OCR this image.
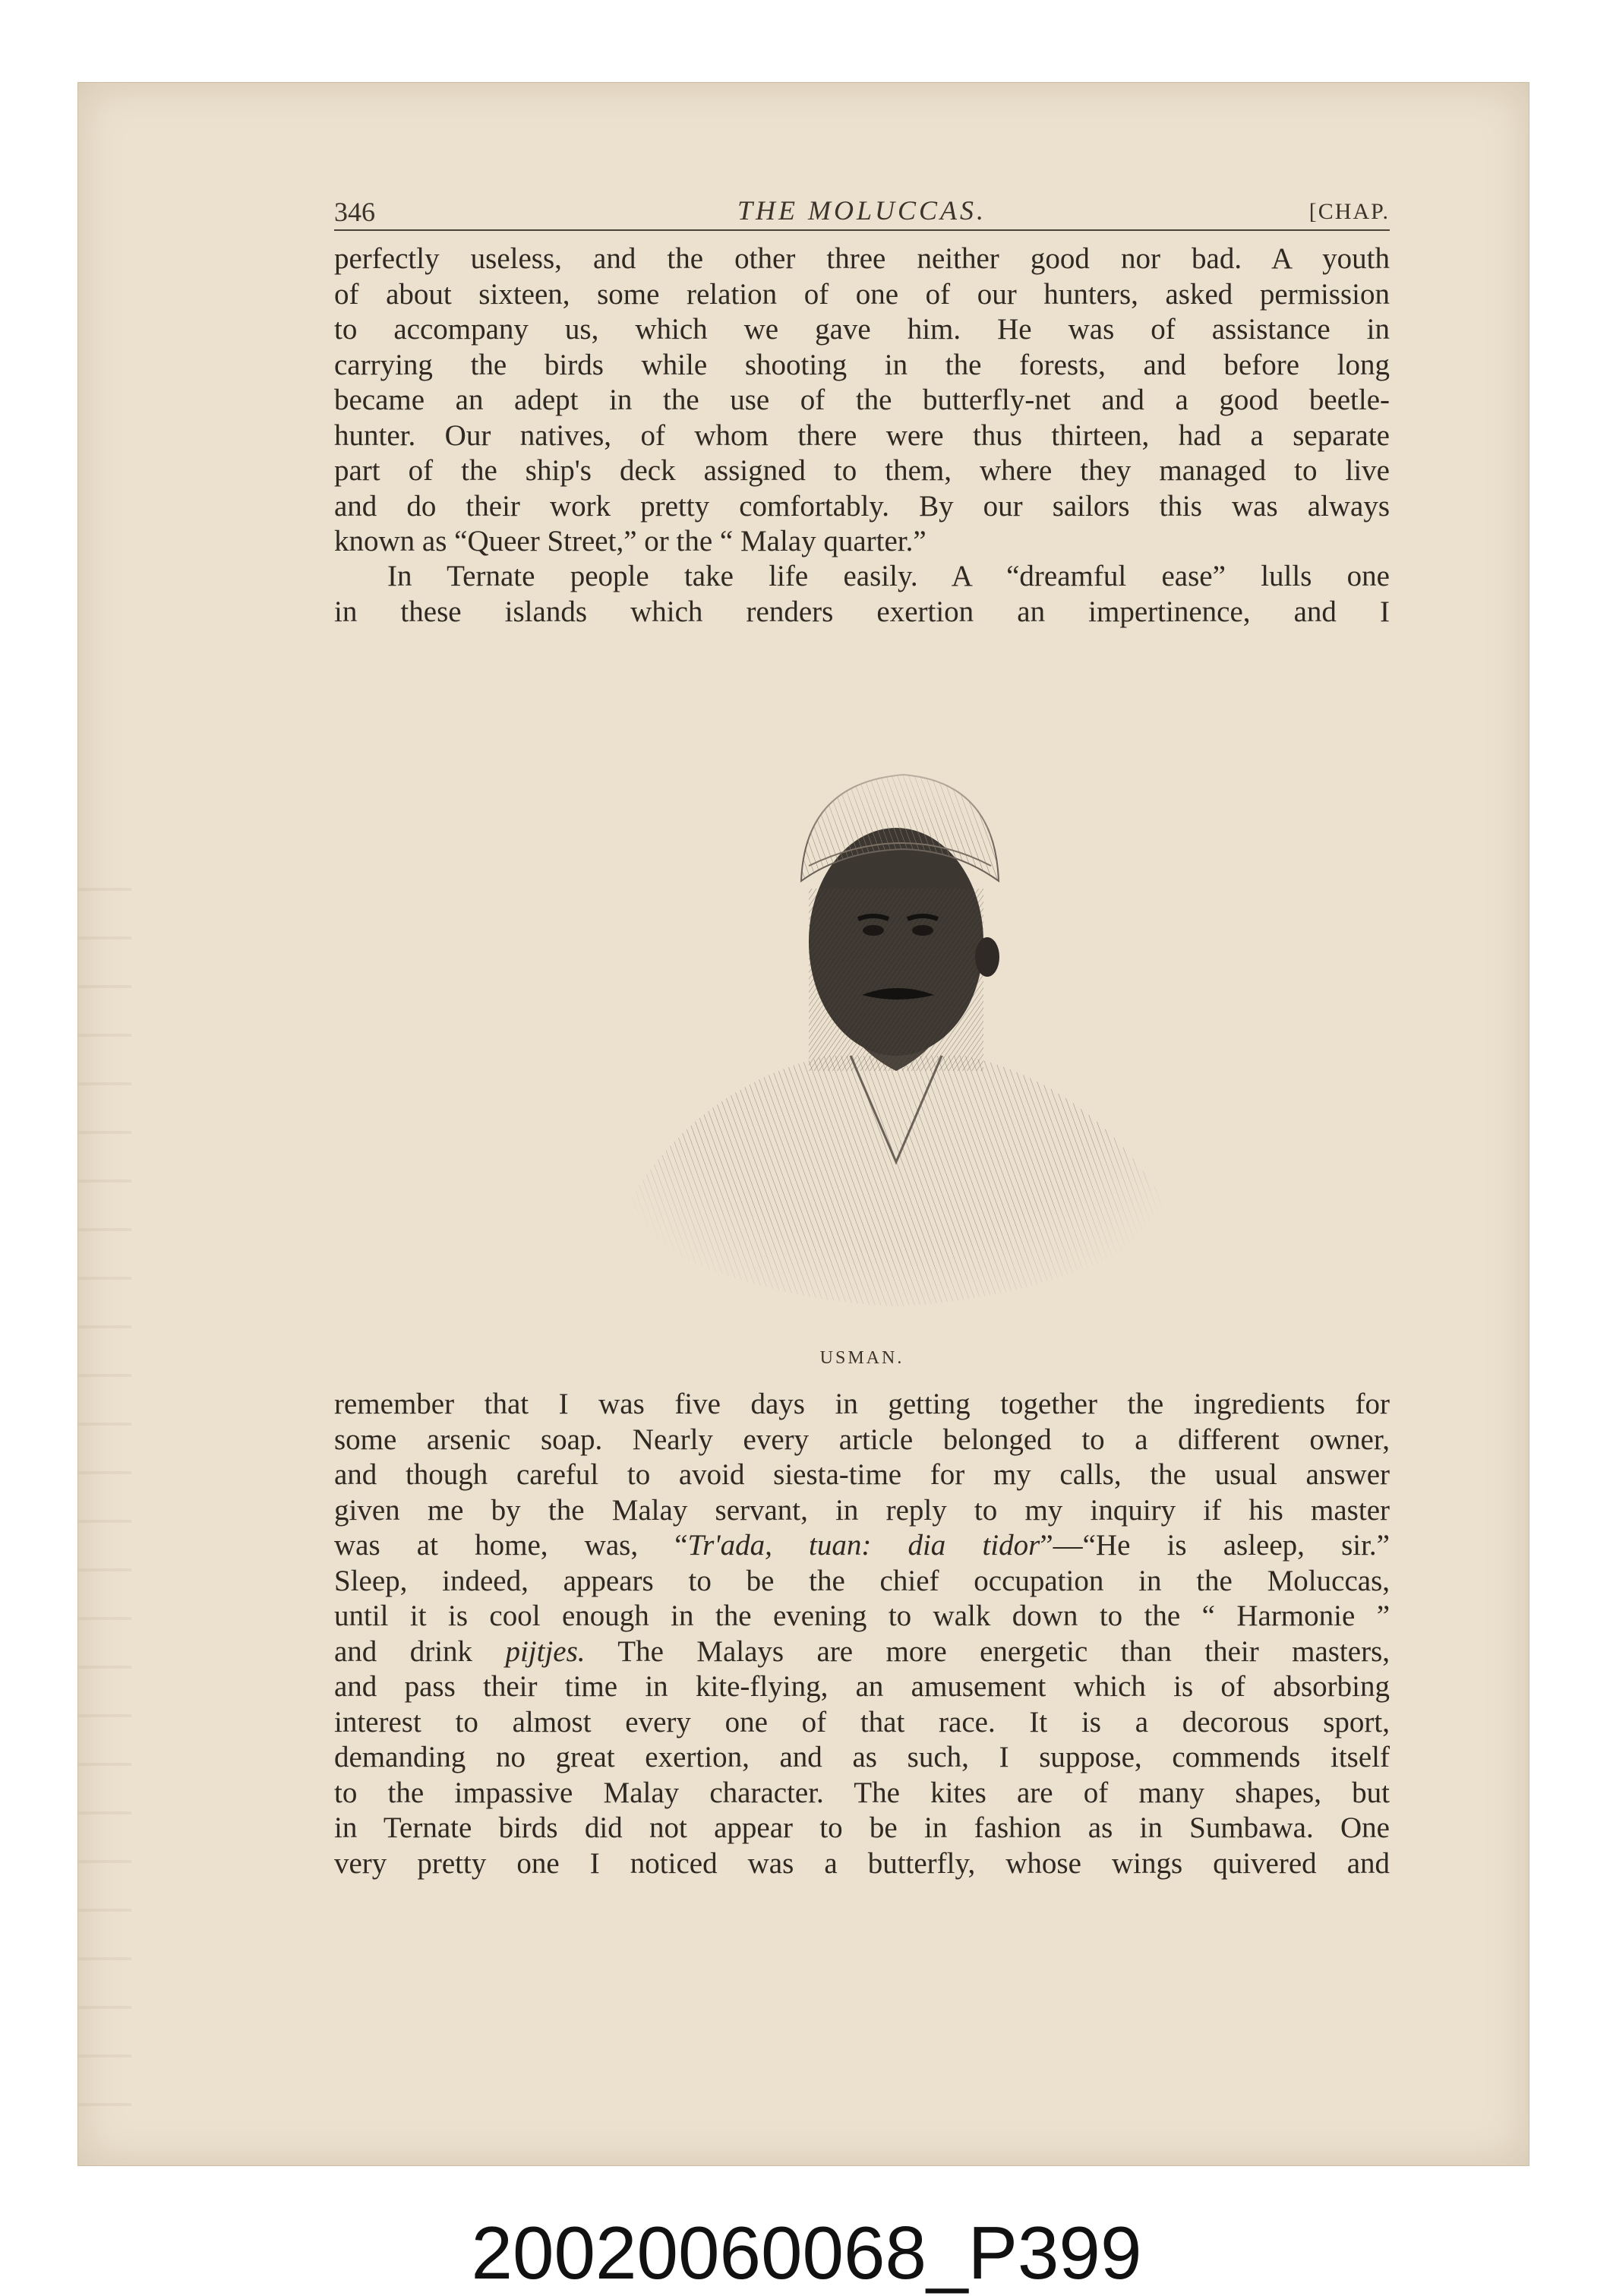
346	THE MOLUCCAS.	[CHAP.
perfectly useless, and the other three neither good nor bad. A youth
of about sixteen, some relation of one of our hunters, asked permission
to accompany us, which we gave him. He was of assistance in
carrying the birds while shooting in the forests, and before long
became an adept in the use of the butterfly-net and a good beetle-
hunter. Our natives, of whom there were thus thirteen, had a separate
part of the ship's deck assigned to them, where they managed to live
and do their work pretty comfortably. By our sailors this was always
known as “Queer Street,” or the “ Malay quarter.”
In Ternate people take life easily. A “dreamful ease” lulls one
in these islands which renders exertion an impertinence, and I
USMAN.
remember that I was five days in getting together the ingredients for
some arsenic soap. Nearly every article belonged to a different owner,
and though careful to avoid siesta-time for my calls, the usual answer
given me by the Malay servant, in reply to my inquiry if his master
was at home, was, “Tr'ada, tuan: dia tidor”—“He is asleep, sir.”
Sleep, indeed, appears to be the chief occupation in the Moluccas,
until it is cool enough in the evening to walk down to the “ Harmonie ”
and drink pijtjes. The Malays are more energetic than their masters,
and pass their time in kite-flying, an amusement which is of absorbing
interest to almost every one of that race. It is a decorous sport,
demanding no great exertion, and as such, I suppose, commends itself
to the impassive Malay character. The kites are of many shapes, but
in Ternate birds did not appear to be in fashion as in Sumbawa. One
very pretty one I noticed was a butterfly, whose wings quivered and
20020060068_P399
